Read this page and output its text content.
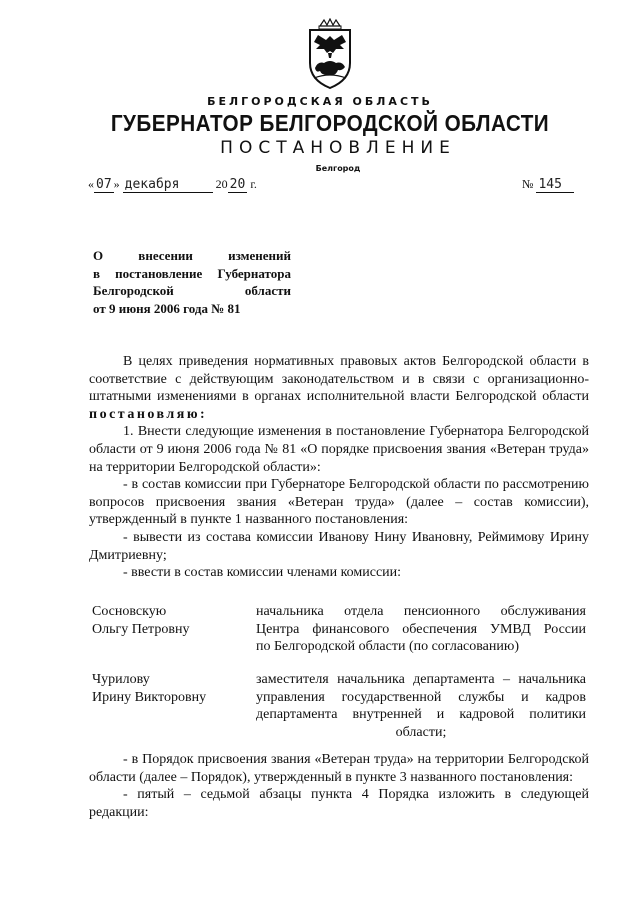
БЕЛГОРОДСКАЯ ОБЛАСТЬ
ГУБЕРНАТОР БЕЛГОРОДСКОЙ ОБЛАСТИ
ПОСТАНОВЛЕНИЕ
Белгород
« 07 » декабря	20 20 г.	№ 145
О внесении изменений
в постановление Губернатора
Белгородской области
от 9 июня 2006 года № 81

В целях приведения нормативных правовых актов Белгородской области в соответствие с действующим законодательством и в связи с организационно-штатными изменениями в органах исполнительной власти Белгородской области постановляю:

1. Внести следующие изменения в постановление Губернатора Белгородской области от 9 июня 2006 года № 81 «О порядке присвоения звания «Ветеран труда» на территории Белгородской области»:

- в состав комиссии при Губернаторе Белгородской области по рассмотрению вопросов присвоения звания «Ветеран труда» (далее – состав комиссии), утвержденный в пункте 1 названного постановления:

- вывести из состава комиссии Иванову Нину Ивановну, Реймимову Ирину Дмитриевну;

- ввести в состав комиссии членами комиссии:

Сосновскую
Ольгу Петровну
начальника отдела пенсионного обслуживания
Центра финансового обеспечения УМВД России
по Белгородской области (по согласованию)
Чурилову
Ирину Викторовну
заместителя начальника департамента – начальника
управления государственной службы и кадров
департамента внутренней и кадровой политики
области;

- в Порядок присвоения звания «Ветеран труда» на территории Белгородской области (далее – Порядок), утвержденный в пункте 3 названного постановления:

- пятый – седьмой абзацы пункта 4 Порядка изложить в следующей редакции:
